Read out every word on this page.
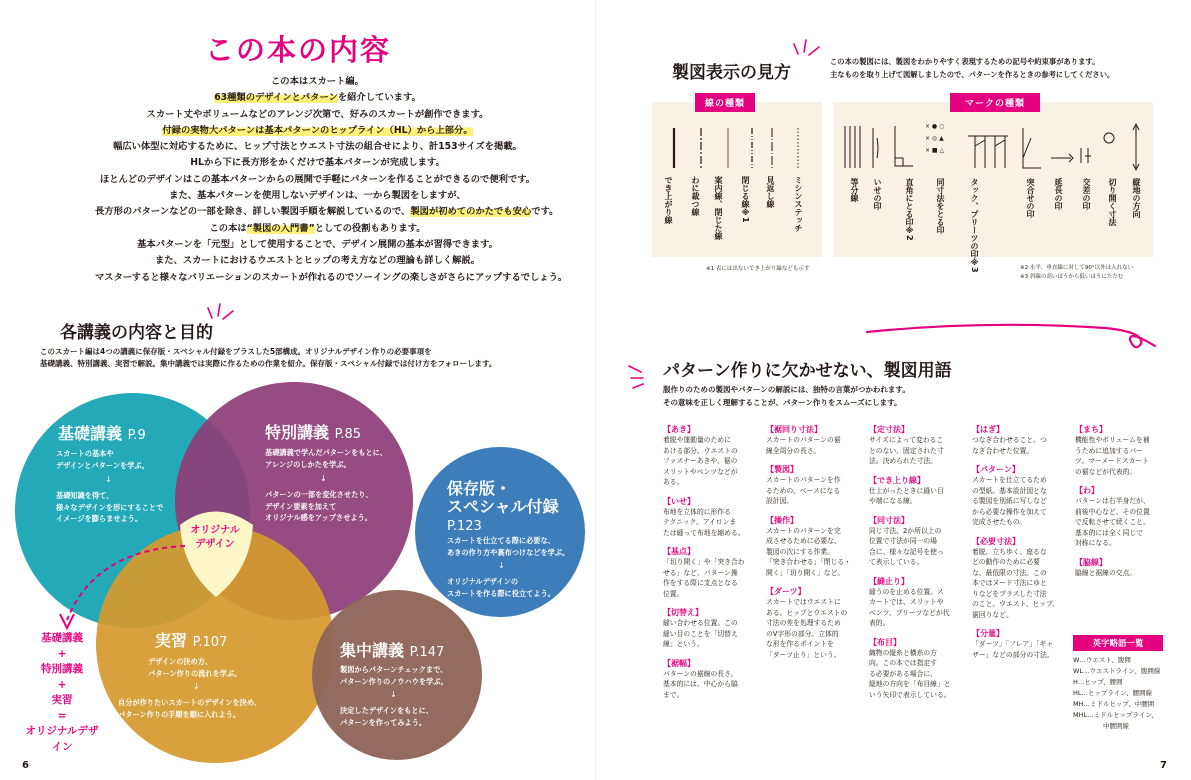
この本の内容

この本はスカート編。

63種類のデザインとパターンを紹介しています。

スカート丈やボリュームなどのアレンジ次第で、好みのスカートが創作できます。

付録の実物大パターンは基本パターンのヒップライン（HL）から上部分。

幅広い体型に対応するために、ヒップ寸法とウエスト寸法の組合せにより、計153サイズを掲載。

HLから下に長方形をかくだけで基本パターンが完成します。

ほとんどのデザインはこの基本パターンからの展開で手軽にパターンを作ることができるので便利です。

また、基本パターンを使用しないデザインは、一から製図をしますが、

長方形のパターンなどの一部を除き、詳しい製図手順を解説しているので、製図が初めてのかたでも安心です。

この本は“製図の入門書”としての役割もあります。

基本パターンを「元型」として使用することで、デザイン展開の基本が習得できます。

また、スカートにおけるウエストとヒップの考え方などの理論も詳しく解説。

マスターすると様々なバリエーションのスカートが作れるのでソーイングの楽しさがさらにアップするでしょう。

各講義の内容と目的

このスカート編は4つの講義に保存版・スペシャル付録をプラスした5部構成。オリジナルデザイン作りの必要事項を

基礎講義、特別講義、実習で解説。集中講義では実際に作るための作業を紹介。保存版・スペシャル付録では付け方をフォローします。

基礎講義 P.9

スカートの基本や

デザインとパターンを学ぶ。

↓

基礎知識を得て、

様々なデザインを形にすることで

イメージを膨らませよう。

特別講義 P.85

基礎講義で学んだパターンをもとに、

アレンジのしかたを学ぶ。

↓

パターンの一部を変化させたり、

デザイン要素を加えて

オリジナル感をアップさせよう。

保存版・

スペシャル付録

P.123

スカートを仕立てる際に必要な、

あきの作り方や裏布つけなどを学ぶ。

↓

オリジナルデザインの

スカートを作る際に役立てよう。

実習 P.107

デザインの決め方、

パターン作りの流れを学ぶ。

↓

自分が作りたいスカートのデザインを決め、

パターン作りの手順を順に入れよう。

集中講義 P.147

製図からパターンチェックまで、

パターン作りのノウハウを学ぶ。

↓

決定したデザインをもとに、

パターンを作ってみよう。

オリジナル

デザイン

基礎講義

+

特別講義

+

実習

=

オリジナルデザイン

6
製図表示の見方

この本の製図には、製図をわかりやすく表現するための記号や約束事があります。

主なものを取り上げて図解しましたので、パターンを作るときの参考にしてください。

線の種類
でき上がり線 わに裁つ線 案内線、閉じた線 閉じる線※1 見返し線 ミシンステッチ
※1 表には出ないでき上がり線なども示す
マークの種類
× ● ○
× ◎ ▲
× ■ △
等分線 いせの印	直角にとる印※2	同寸法をとる印	タック、プリーツの印※3	突合せの印 延長の印 交差の印 切り開く寸法 縦地の方向

※2 水平、垂直線に対して90°以外は入れない

※3 斜線の高いほうから低いほうにたたむ

パターン作りに欠かせない、製図用語

服作りのための製図やパターンの解説には、独特の言葉がつかわれます。

その意味を正しく理解することが、パターン作りをスムーズにします。

【あき】

着脱や運動量のために

あける部分。ウエストの

ファスナーあきや、裾の

スリットやベンツなどが

ある。

【いせ】

布地を立体的に形作る

テクニック。アイロンま

たは縫って布地を縮める。

【基点】

「切り開く」や「突き合わ

せる」など、パターン操

作をする際に支点となる

位置。

【切替え】

縫い合わせる位置。この

縫い目のことを「切替え

線」という。

【裾幅】

パターンの裾線の長さ。

基本的には、中心から脇

まで。

【裾回り寸法】

スカートのパターンの裾

線全周分の長さ。

【製図】

スカートのパターンを作

るための、ベースになる

設計図。

【操作】

スカートのパターンを完

成させるために必要な、

製図の次にする作業。

「突き合わせる」「閉じる・

開く」「切り開く」など。

【ダーツ】

スカートではウエストに

ある。ヒップとウエストの

寸法の差を処理するため

のV字形の部分。立体的

な形を作るポイントを

「ダーツ止り」という。

【定寸法】

サイズによって変わるこ

とのない、固定された寸

法。決められた寸法。

【でき上り線】

仕上がったときに縫い目

や端になる線。

【同寸法】

同じ寸法。2か所以上の

位置で寸法が同一の場

合に、様々な記号を使っ

て表示している。

【縫止り】

縫うのを止める位置。ス

カートでは、スリットや

ベンツ、プリーツなどが代

表的。

【布目】

織物の縦糸と横糸の方

向。この本では指定す

る必要がある場合に、

縦地の方向を「布目線」と

いう矢印で表示している。

【はぎ】

つなぎ合わせること。つ

なぎ合わせた位置。

【パターン】

スカートを仕立てるため

の型紙。基本設計図とな

る製図を別紙に写しなど

から必要な操作を加えて

完成させたもの。

【必要寸法】

着脱、立ち歩く、座るな

どの動作のために必要

な、最低限の寸法。この

本ではヌード寸法にゆと

りなどをプラスした寸法

のこと。ウエスト、ヒップ、

裾回りなど。

【分量】

「ダーツ」「フレア」「ギャ

ザー」などの部分の寸法。

【まち】

機能性やボリュームを補

うために追加するパー

ツ。マーメードスカート

の裾などが代表的。

【わ】

パターンは右半身だが、

前後中心など、その位置

で反転させて続くこと。

基本的には全く同じで

対称になる。

【脇線】

脇線と裾線の交点。

英字略語一覧
W…ウエスト、腹囲
WL…ウエストライン、腹囲線
H…ヒップ、腰囲
HL…ヒップライン、腰囲線
MH…ミドルヒップ、中腰囲
MHL…ミドルヒップライン、
中腰囲線
7
